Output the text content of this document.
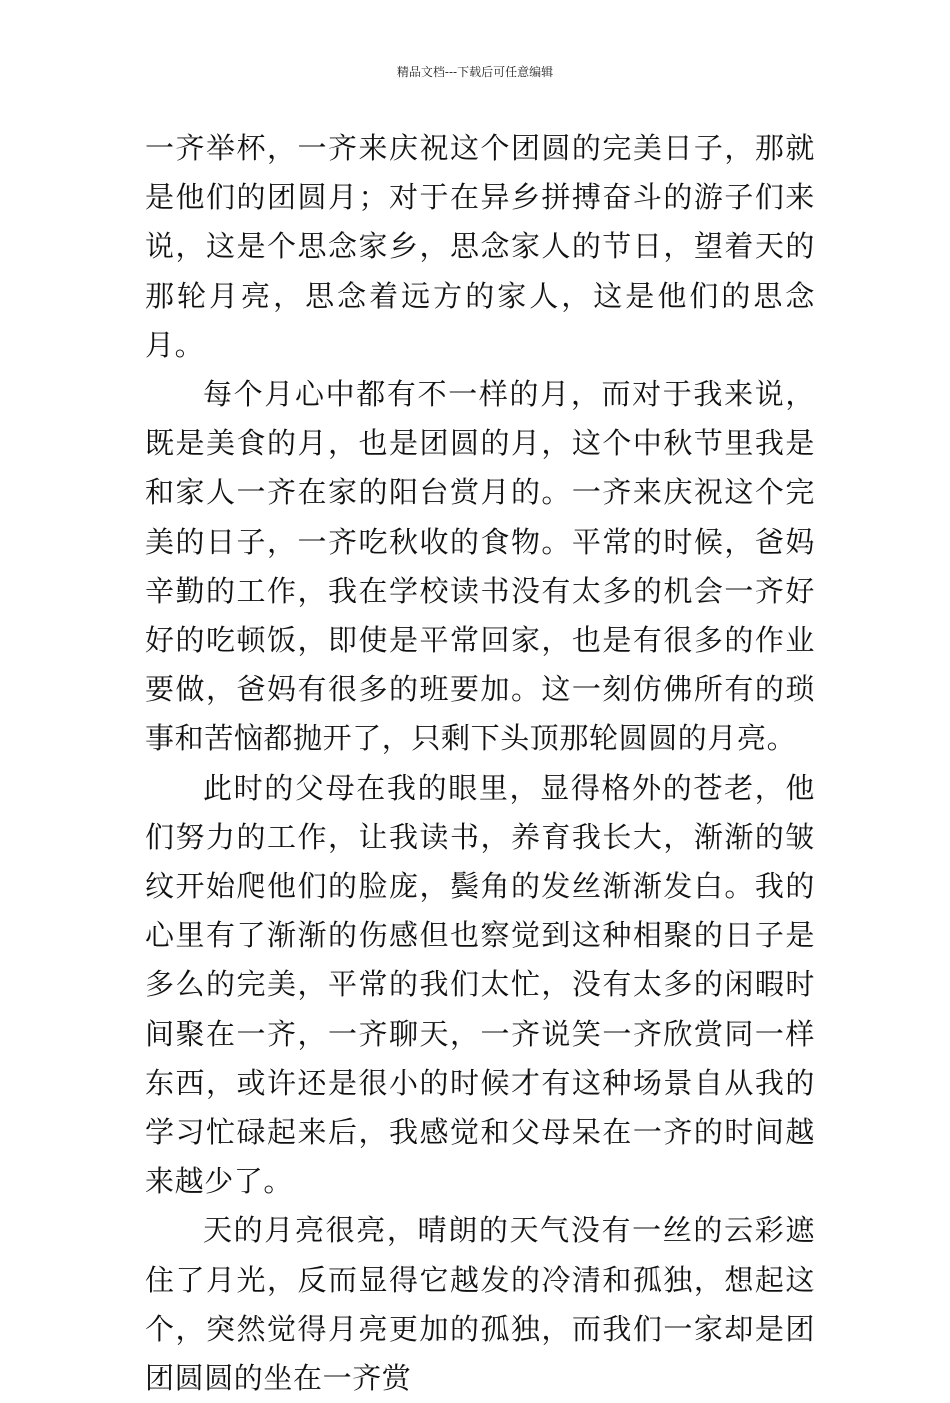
精品文档---下载后可任意编辑

一齐举杯，一齐来庆祝这个团圆的完美日子，那就是他们的团圆月；对于在异乡拼搏奋斗的游子们来说，这是个思念家乡，思念家人的节日，望着天的那轮月亮，思念着远方的家人，这是他们的思念月。

每个月心中都有不一样的月，而对于我来说，既是美食的月，也是团圆的月，这个中秋节里我是和家人一齐在家的阳台赏月的。一齐来庆祝这个完美的日子，一齐吃秋收的食物。平常的时候，爸妈辛勤的工作，我在学校读书没有太多的机会一齐好好的吃顿饭，即使是平常回家，也是有很多的作业要做，爸妈有很多的班要加。这一刻仿佛所有的琐事和苦恼都抛开了，只剩下头顶那轮圆圆的月亮。

此时的父母在我的眼里，显得格外的苍老，他们努力的工作，让我读书，养育我长大，渐渐的皱纹开始爬他们的脸庞，鬓角的发丝渐渐发白。我的心里有了渐渐的伤感但也察觉到这种相聚的日子是多么的完美，平常的我们太忙，没有太多的闲暇时间聚在一齐，一齐聊天，一齐说笑一齐欣赏同一样东西，或许还是很小的时候才有这种场景自从我的学习忙碌起来后，我感觉和父母呆在一齐的时间越来越少了。

天的月亮很亮，晴朗的天气没有一丝的云彩遮住了月光，反而显得它越发的冷清和孤独，想起这个，突然觉得月亮更加的孤独，而我们一家却是团团圆圆的坐在一齐赏
